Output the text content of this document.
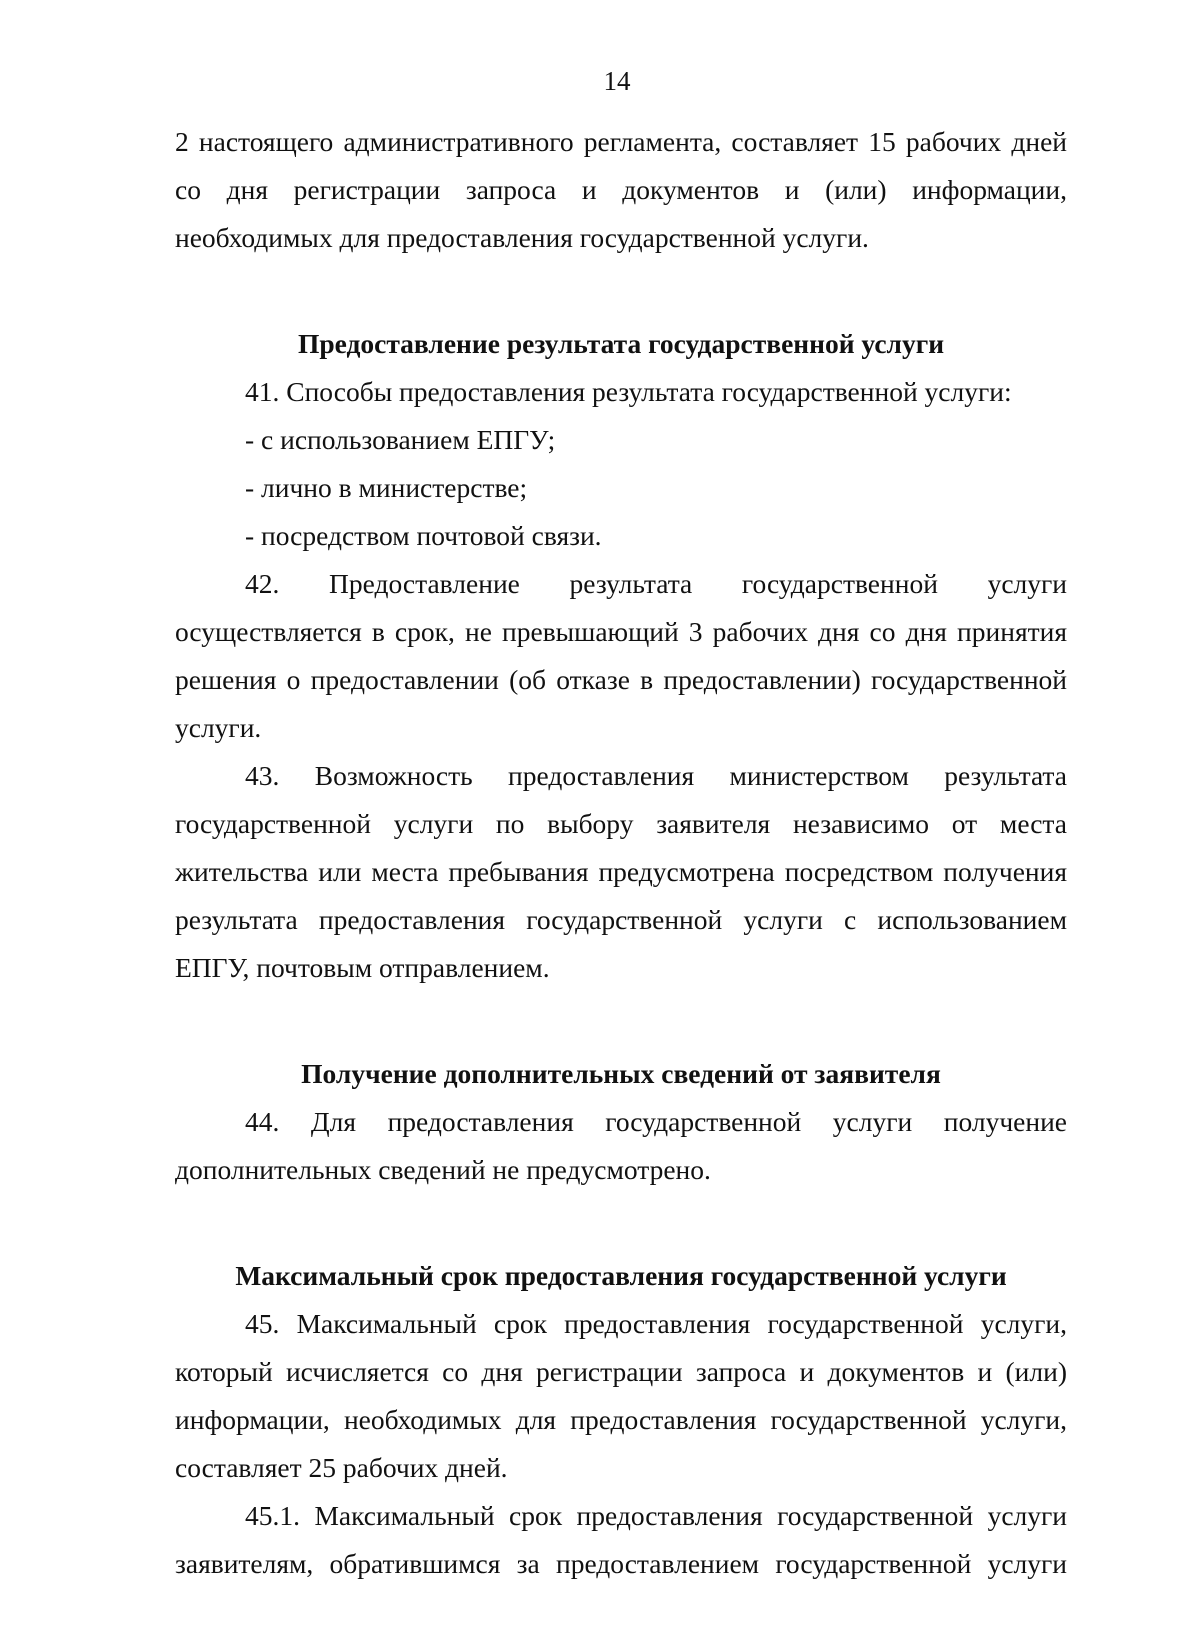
14
2 настоящего административного регламента, составляет 15 рабочих дней
со дня регистрации запроса и документов и (или) информации,
необходимых для предоставления государственной услуги.

Предоставление результата государственной услуги

41. Способы предоставления результата государственной услуги:

- с использованием ЕПГУ;

- лично в министерстве;

- посредством почтовой связи.

42. Предоставление результата государственной услуги
осуществляется в срок, не превышающий 3 рабочих дня со дня принятия
решения о предоставлении (об отказе в предоставлении) государственной
услуги.
43. Возможность предоставления министерством результата
государственной услуги по выбору заявителя независимо от места
жительства или места пребывания предусмотрена посредством получения
результата предоставления государственной услуги с использованием
ЕПГУ, почтовым отправлением.

Получение дополнительных сведений от заявителя

44. Для предоставления государственной услуги получение
дополнительных сведений не предусмотрено.

Максимальный срок предоставления государственной услуги

45. Максимальный срок предоставления государственной услуги,
который исчисляется со дня регистрации запроса и документов и (или)
информации, необходимых для предоставления государственной услуги,
составляет 25 рабочих дней.
45.1. Максимальный срок предоставления государственной услуги
заявителям, обратившимся за предоставлением государственной услуги
